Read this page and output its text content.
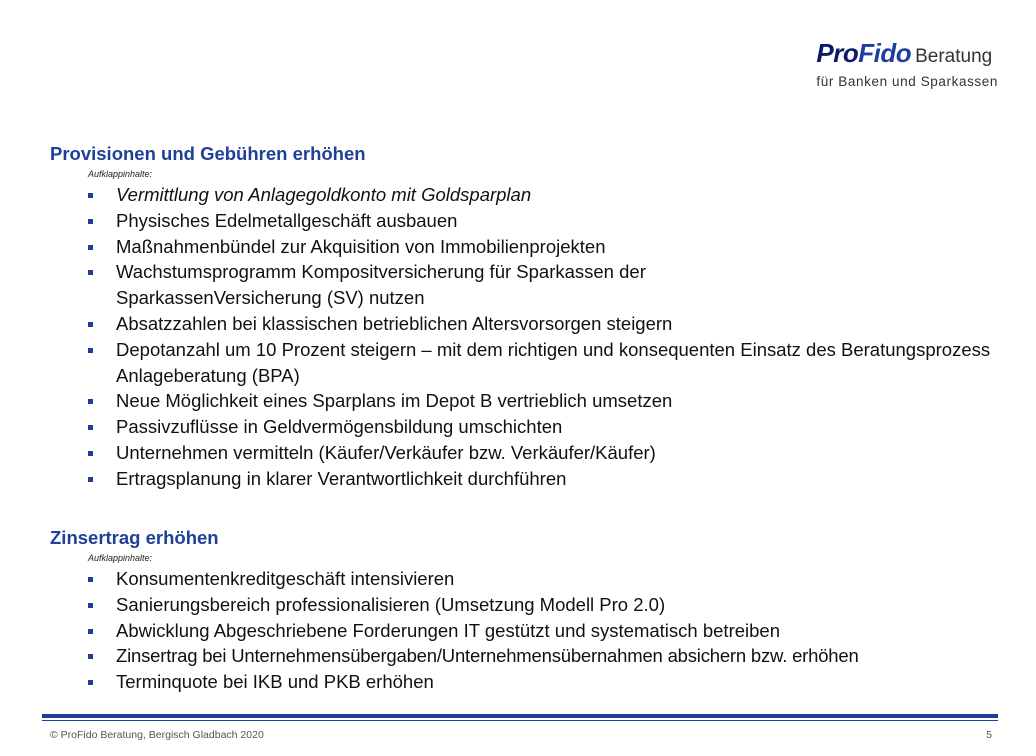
ProFido Beratung
für Banken und Sparkassen
Provisionen und Gebühren erhöhen
Aufklappinhalte:
Vermittlung von Anlagegoldkonto mit Goldsparplan
Physisches Edelmetallgeschäft ausbauen
Maßnahmenbündel zur Akquisition von Immobilienprojekten
Wachstumsprogramm Kompositversicherung für Sparkassen der SparkassenVersicherung (SV) nutzen
Absatzzahlen bei klassischen betrieblichen Altersvorsorgen steigern
Depotanzahl um 10 Prozent steigern – mit dem richtigen und konsequenten Einsatz des Beratungsprozess Anlageberatung (BPA)
Neue Möglichkeit eines Sparplans im Depot B vertrieblich umsetzen
Passivzuflüsse in Geldvermögensbildung umschichten
Unternehmen vermitteln (Käufer/Verkäufer bzw. Verkäufer/Käufer)
Ertragsplanung in klarer Verantwortlichkeit durchführen
Zinsertrag erhöhen
Aufklappinhalte:
Konsumentenkreditgeschäft intensivieren
Sanierungsbereich professionalisieren (Umsetzung Modell Pro 2.0)
Abwicklung Abgeschriebene Forderungen IT gestützt und systematisch betreiben
Zinsertrag bei Unternehmensübergaben/Unternehmensübernahmen absichern bzw. erhöhen
Terminquote bei IKB und PKB erhöhen
© ProFido Beratung, Bergisch Gladbach 2020	5
